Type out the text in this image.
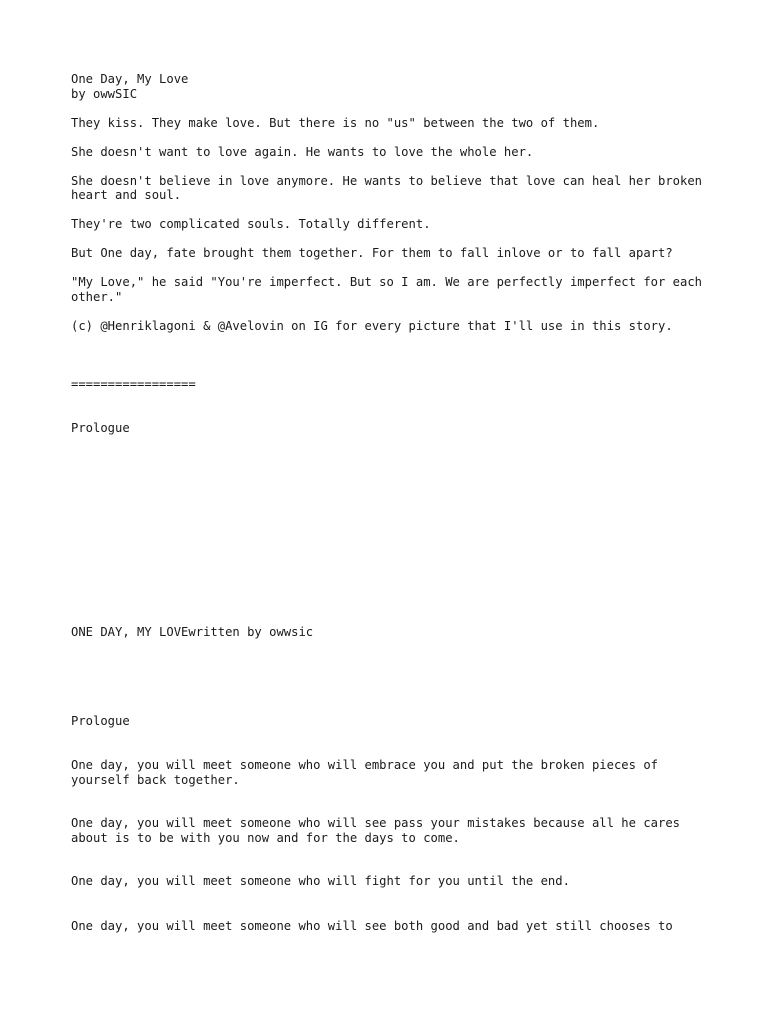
One Day, My Love
by owwSIC

They kiss. They make love. But there is no "us" between the two of them.

She doesn't want to love again. He wants to love the whole her.

She doesn't believe in love anymore. He wants to believe that love can heal her broken heart and soul.

They're two complicated souls. Totally different.

But One day, fate brought them together. For them to fall inlove or to fall apart?

"My Love," he said "You're imperfect. But so I am. We are perfectly imperfect for each other."

(c) @Henriklagoni & @Avelovin on IG for every picture that I'll use in this story.

=================
Prologue
ONE DAY, MY LOVEwritten by owwsic
Prologue

One day, you will meet someone who will embrace you and put the broken pieces of yourself back together.

One day, you will meet someone who will see pass your mistakes because all he cares about is to be with you now and for the days to come.

One day, you will meet someone who will fight for you until the end.

One day, you will meet someone who will see both good and bad yet still chooses to
